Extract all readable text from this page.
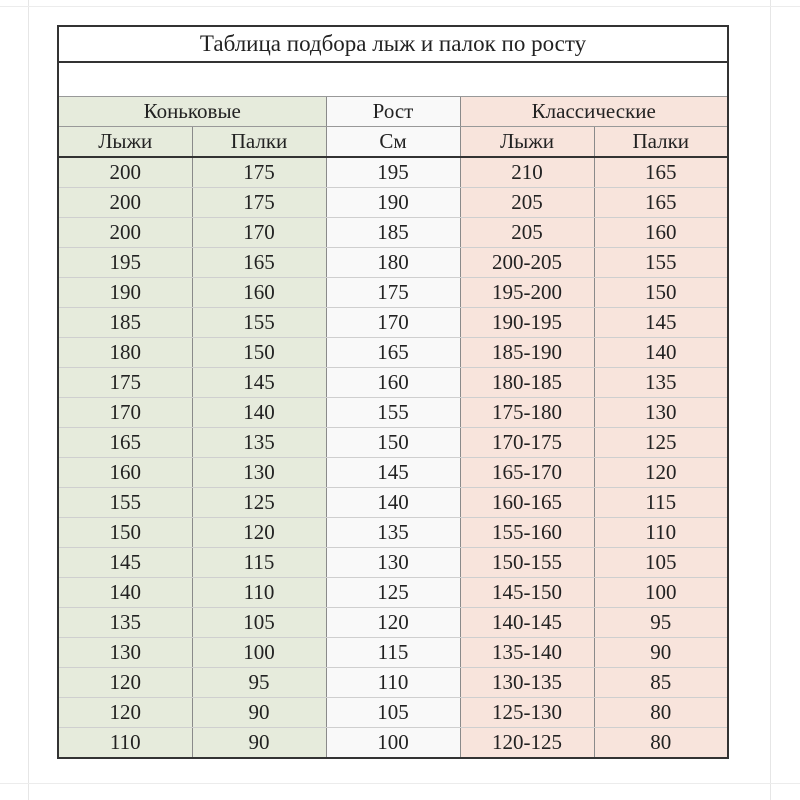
Таблица подбора лыж и палок по росту				

Коньковые		Рост	Классические	
Лыжи	Палки	См	Лыжи	Палки
200	175	195	210	165
200	175	190	205	165
200	170	185	205	160
195	165	180	200-205	155
190	160	175	195-200	150
185	155	170	190-195	145
180	150	165	185-190	140
175	145	160	180-185	135
170	140	155	175-180	130
165	135	150	170-175	125
160	130	145	165-170	120
155	125	140	160-165	115
150	120	135	155-160	110
145	115	130	150-155	105
140	110	125	145-150	100
135	105	120	140-145	95
130	100	115	135-140	90
120	95	110	130-135	85
120	90	105	125-130	80
110	90	100	120-125	80
